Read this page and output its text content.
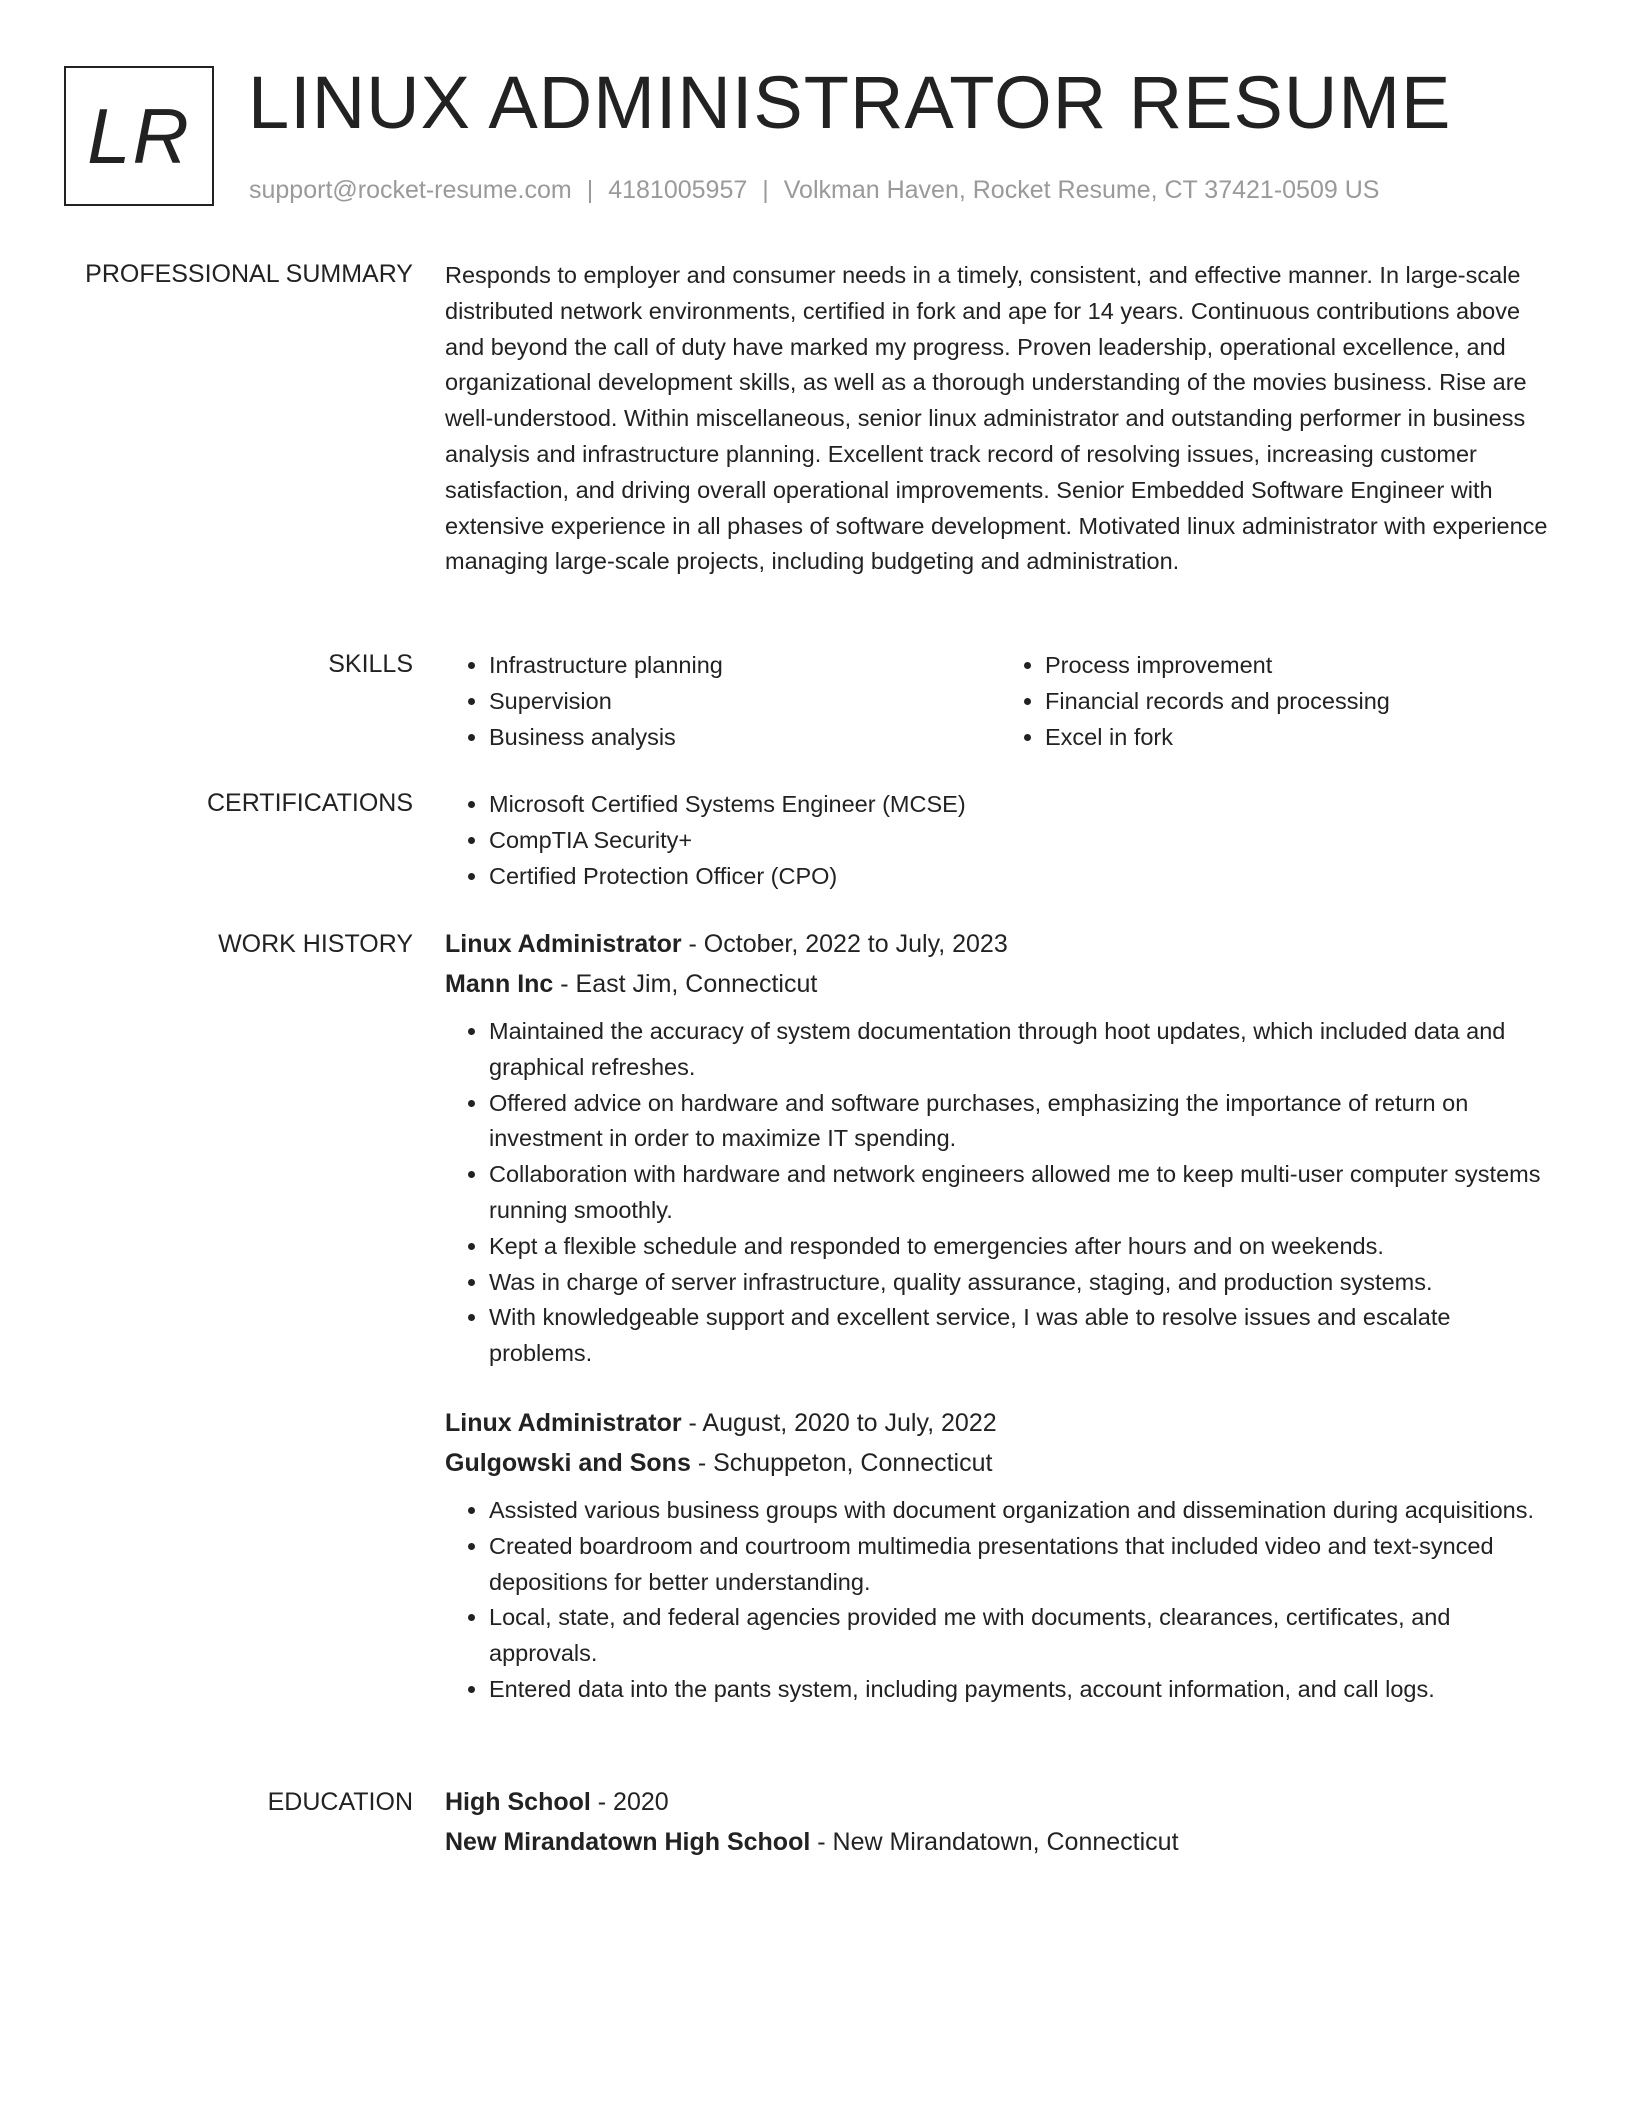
LR LINUX ADMINISTRATOR RESUME
support@rocket-resume.com | 4181005957 | Volkman Haven, Rocket Resume, CT 37421-0509 US
PROFESSIONAL SUMMARY Responds to employer and consumer needs in a timely, consistent, and effective manner. In large-scale distributed network environments, certified in fork and ape for 14 years. Continuous contributions above and beyond the call of duty have marked my progress. Proven leadership, operational excellence, and organizational development skills, as well as a thorough understanding of the movies business. Rise are well-understood. Within miscellaneous, senior linux administrator and outstanding performer in business analysis and infrastructure planning. Excellent track record of resolving issues, increasing customer satisfaction, and driving overall operational improvements. Senior Embedded Software Engineer with extensive experience in all phases of software development. Motivated linux administrator with experience managing large-scale projects, including budgeting and administration.

SKILLS	• Infrastructure planning
• Supervision
• Business analysis
• Process improvement
• Financial records and processing
• Excel in fork
CERTIFICATIONS	• Microsoft Certified Systems Engineer (MCSE)
• CompTIA Security+
• Certified Protection Officer (CPO)
WORK HISTORY Linux Administrator - October, 2022 to July, 2023
Mann Inc - East Jim, Connecticut
• Maintained the accuracy of system documentation through hoot updates, which included data and graphical refreshes.
• Offered advice on hardware and software purchases, emphasizing the importance of return on investment in order to maximize IT spending.
• Collaboration with hardware and network engineers allowed me to keep multi-user computer systems running smoothly.
• Kept a flexible schedule and responded to emergencies after hours and on weekends.
• Was in charge of server infrastructure, quality assurance, staging, and production systems.
• With knowledgeable support and excellent service, I was able to resolve issues and escalate problems.
Linux Administrator - August, 2020 to July, 2022
Gulgowski and Sons - Schuppeton, Connecticut
• Assisted various business groups with document organization and dissemination during acquisitions.
• Created boardroom and courtroom multimedia presentations that included video and text-synced depositions for better understanding.
• Local, state, and federal agencies provided me with documents, clearances, certificates, and approvals.
• Entered data into the pants system, including payments, account information, and call logs.
EDUCATION High School - 2020
New Mirandatown High School - New Mirandatown, Connecticut
